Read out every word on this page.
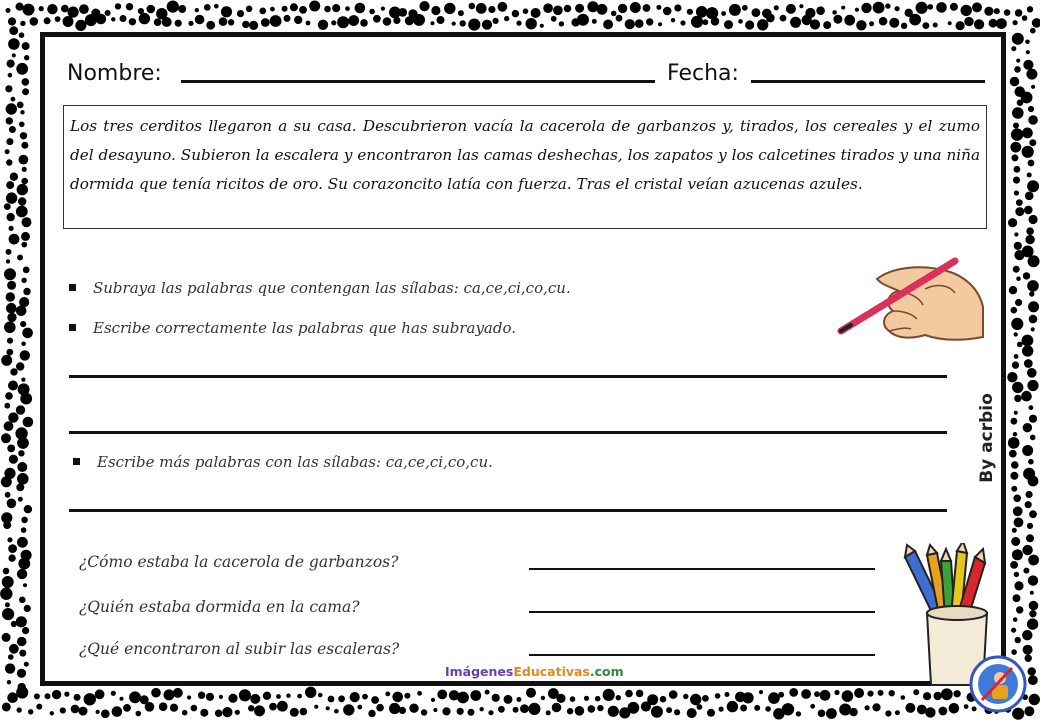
Nombre:	Fecha:
Los tres cerditos llegaron a su casa. Descubrieron vacía la cacerola de garbanzos y, tirados, los cereales y el zumo del desayuno. Subieron la escalera y encontraron las camas deshechas, los zapatos y los calcetines tirados y una niña dormida que tenía ricitos de oro. Su corazoncito latía con fuerza. Tras el cristal veían azucenas azules.
Subraya las palabras que contengan las sílabas: ca,ce,ci,co,cu.
Escribe correctamente las palabras que has subrayado.
Escribe más palabras con las sílabas: ca,ce,ci,co,cu.
¿Cómo estaba la cacerola de garbanzos?
¿Quién estaba dormida en la cama?
¿Qué encontraron al subir las escaleras?
By acrbio
ImágenesEducativas.com
